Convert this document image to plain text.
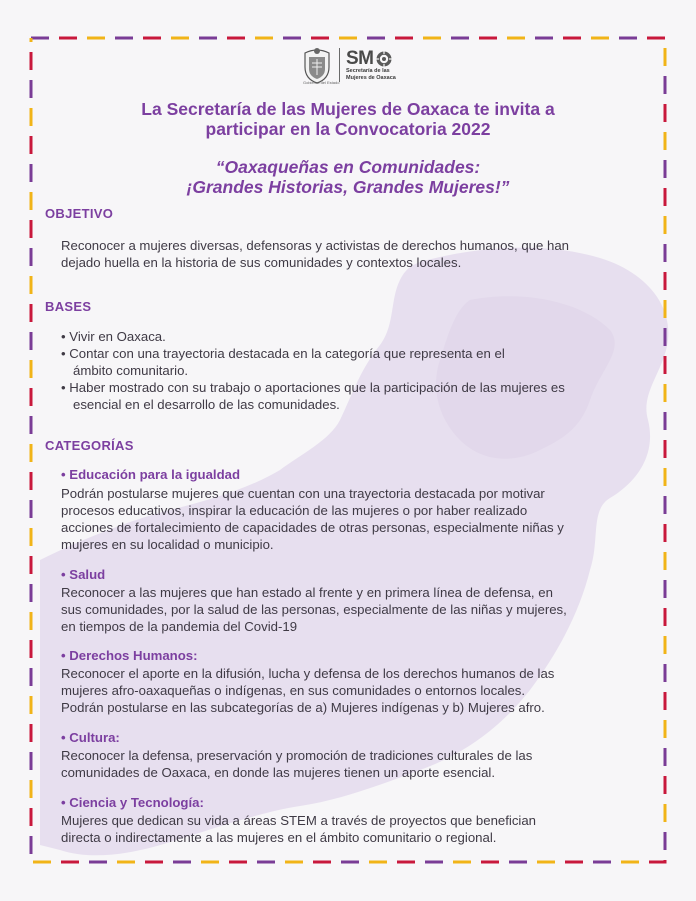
SM
Secretaría de las Mujeres de Oaxaca
Gobierno del Estado
La Secretaría de las Mujeres de Oaxaca te invita a
participar en la Convocatoria 2022
“Oaxaqueñas en Comunidades:
¡Grandes Historias, Grandes Mujeres!”
OBJETIVO
Reconocer a mujeres diversas, defensoras y activistas de derechos humanos, que han
dejado huella en la historia de sus comunidades y contextos locales.
BASES
• Vivir en Oaxaca.
• Contar con una trayectoria destacada en la categoría que representa en el
ámbito comunitario.
• Haber mostrado con su trabajo o aportaciones que la participación de las mujeres es
esencial en el desarrollo de las comunidades.
CATEGORÍAS
• Educación para la igualdad
Podrán postularse mujeres que cuentan con una trayectoria destacada por motivar
procesos educativos, inspirar la educación de las mujeres o por haber realizado
acciones de fortalecimiento de capacidades de otras personas, especialmente niñas y
mujeres en su localidad o municipio.
• Salud
Reconocer a las mujeres que han estado al frente y en primera línea de defensa, en
sus comunidades, por la salud de las personas, especialmente de las niñas y mujeres,
en tiempos de la pandemia del Covid-19
• Derechos Humanos:
Reconocer el aporte en la difusión, lucha y defensa de los derechos humanos de las
mujeres afro-oaxaqueñas o indígenas, en sus comunidades o entornos locales.
Podrán postularse en las subcategorías de a) Mujeres indígenas y b) Mujeres afro.
• Cultura:
Reconocer la defensa, preservación y promoción de tradiciones culturales de las
comunidades de Oaxaca, en donde las mujeres tienen un aporte esencial.
• Ciencia y Tecnología:
Mujeres que dedican su vida a áreas STEM a través de proyectos que benefician
directa o indirectamente a las mujeres en el ámbito comunitario o regional.
